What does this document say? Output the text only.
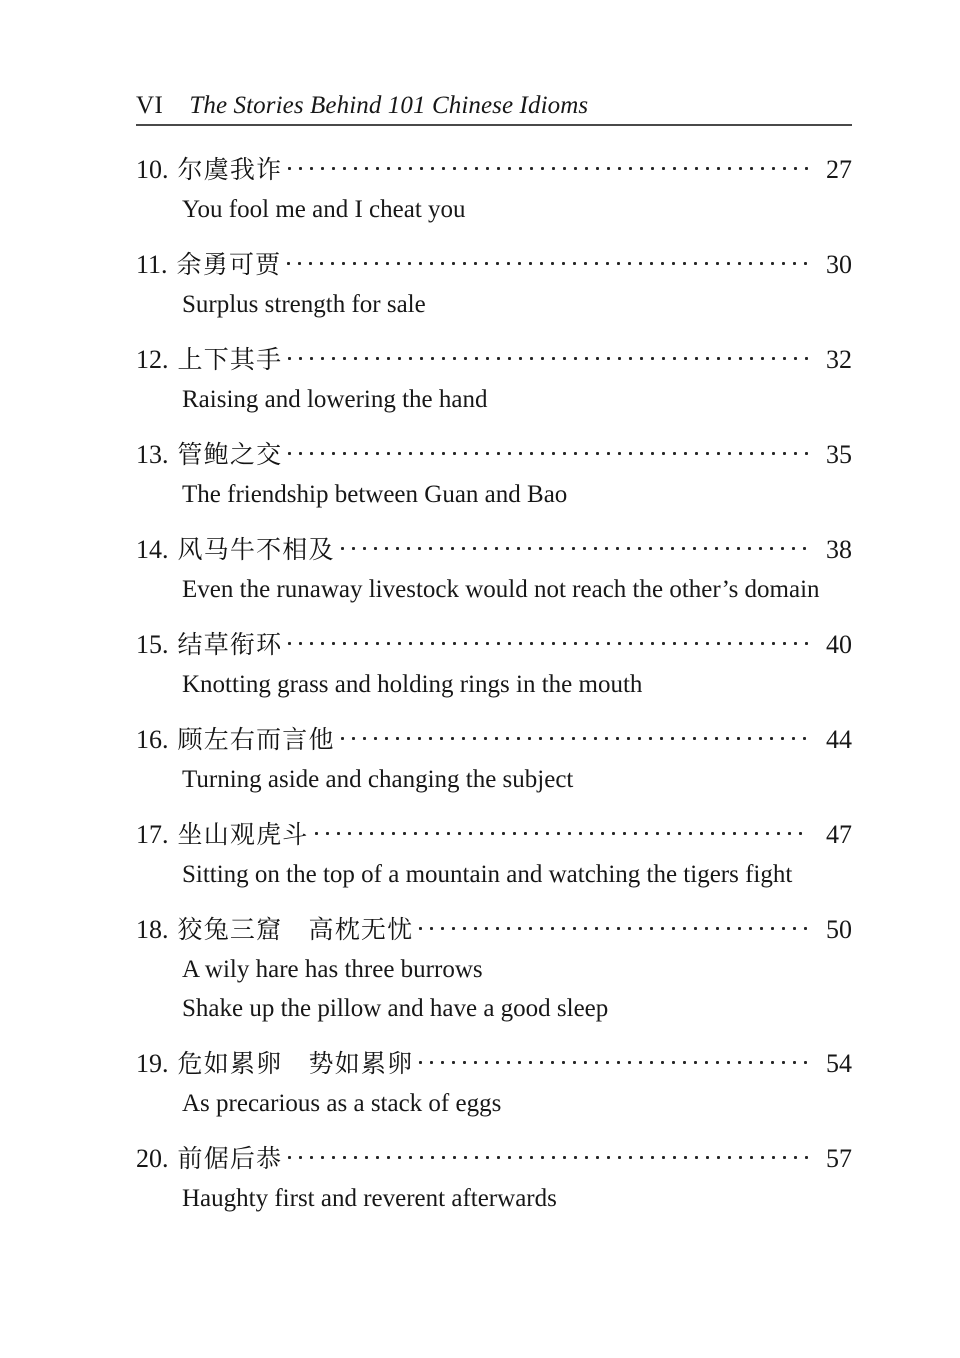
VI The Stories Behind 101 Chinese Idioms
10. 尔虞我诈	27

You fool me and I cheat you

11. 余勇可贾	30

Surplus strength for sale

12. 上下其手	32

Raising and lowering the hand

13. 管鲍之交	35

The friendship between Guan and Bao

14. 风马牛不相及	38

Even the runaway livestock would not reach the other’s domain

15. 结草衔环	40

Knotting grass and holding rings in the mouth

16. 顾左右而言他	44

Turning aside and changing the subject

17. 坐山观虎斗	47

Sitting on the top of a mountain and watching the tigers fight

18. 狡兔三窟　高枕无忧	50

A wily hare has three burrows

Shake up the pillow and have a good sleep

19. 危如累卵　势如累卵	54

As precarious as a stack of eggs

20. 前倨后恭	57

Haughty first and reverent afterwards
